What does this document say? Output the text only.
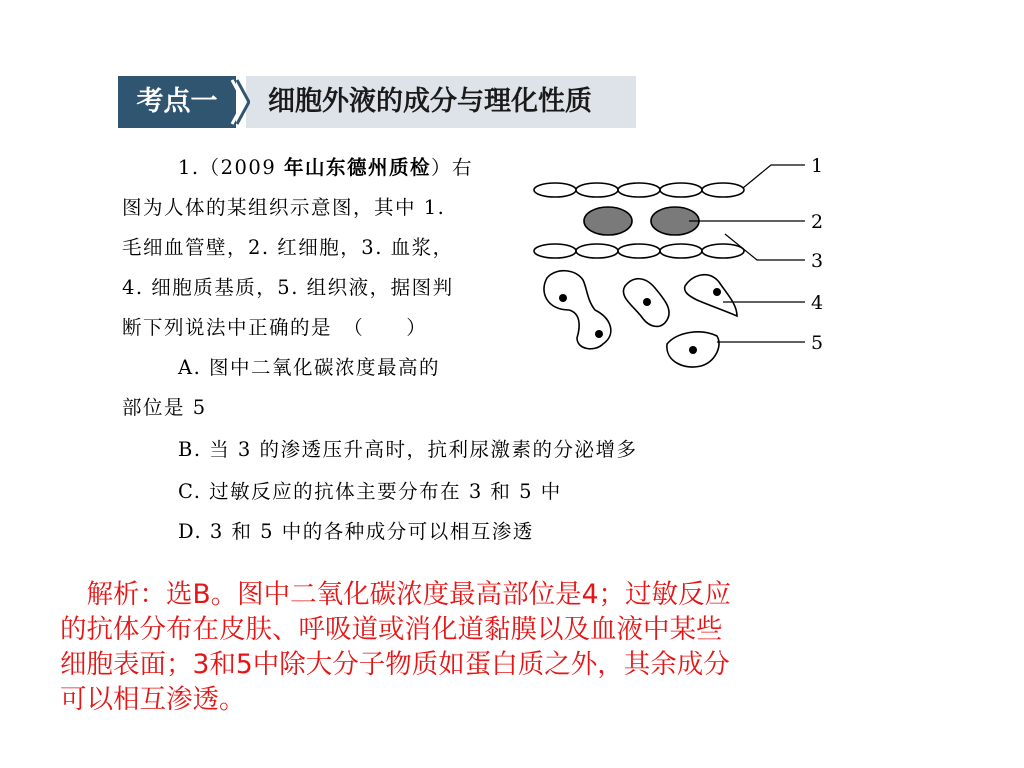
考点一	细胞外液的成分与理化性质
1.（2009 年山东德州质检）右
图为人体的某组织示意图，其中 1.
毛细血管壁，2. 红细胞，3. 血浆，
4. 细胞质基质，5. 组织液，据图判
断下列说法中正确的是　（　　）
A. 图中二氧化碳浓度最高的
部位是 5
B. 当 3 的渗透压升高时，抗利尿激素的分泌增多
C. 过敏反应的抗体主要分布在 3 和 5 中
D. 3 和 5 中的各种成分可以相互渗透
1
2
3
4
5
　解析：选B。图中二氧化碳浓度最高部位是4；过敏反应
的抗体分布在皮肤、呼吸道或消化道黏膜以及血液中某些
细胞表面；3和5中除大分子物质如蛋白质之外，其余成分
可以相互渗透。
